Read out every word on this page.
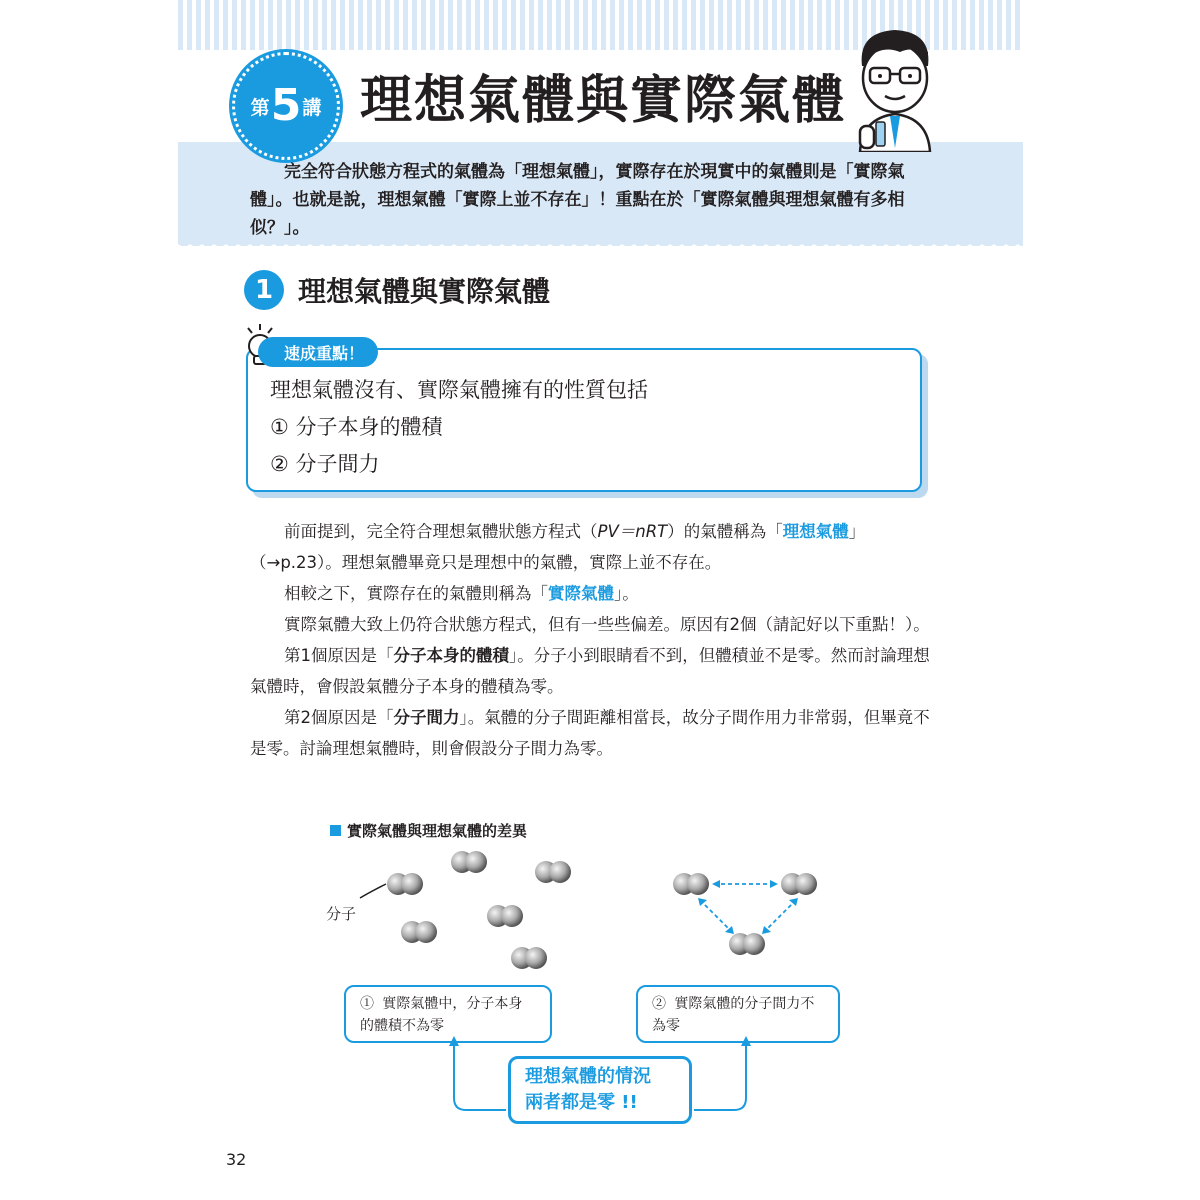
第 5 講 理想氣體與實際氣體

完全符合狀態方程式的氣體為「理想氣體」，實際存在於現實中的氣體則是「實際氣體」。也就是說，理想氣體「實際上並不存在」！重點在於「實際氣體與理想氣體有多相似？」。

1 理想氣體與實際氣體
速成重點！
理想氣體沒有、實際氣體擁有的性質包括
① 分子本身的體積
② 分子間力

前面提到，完全符合理想氣體狀態方程式（PV＝nRT）的氣體稱為「理想氣體」（→p.23）。理想氣體畢竟只是理想中的氣體，實際上並不存在。

相較之下，實際存在的氣體則稱為「實際氣體」。

實際氣體大致上仍符合狀態方程式，但有一些些偏差。原因有2個（請記好以下重點！）。

第1個原因是「分子本身的體積」。分子小到眼睛看不到，但體積並不是零。然而討論理想氣體時，會假設氣體分子本身的體積為零。

第2個原因是「分子間力」。氣體的分子間距離相當長，故分子間作用力非常弱，但畢竟不是零。討論理想氣體時，則會假設分子間力為零。

實際氣體與理想氣體的差異
分子
① 實際氣體中，分子本身的體積不為零
② 實際氣體的分子間力不為零
理想氣體的情況
兩者都是零 !!
32
